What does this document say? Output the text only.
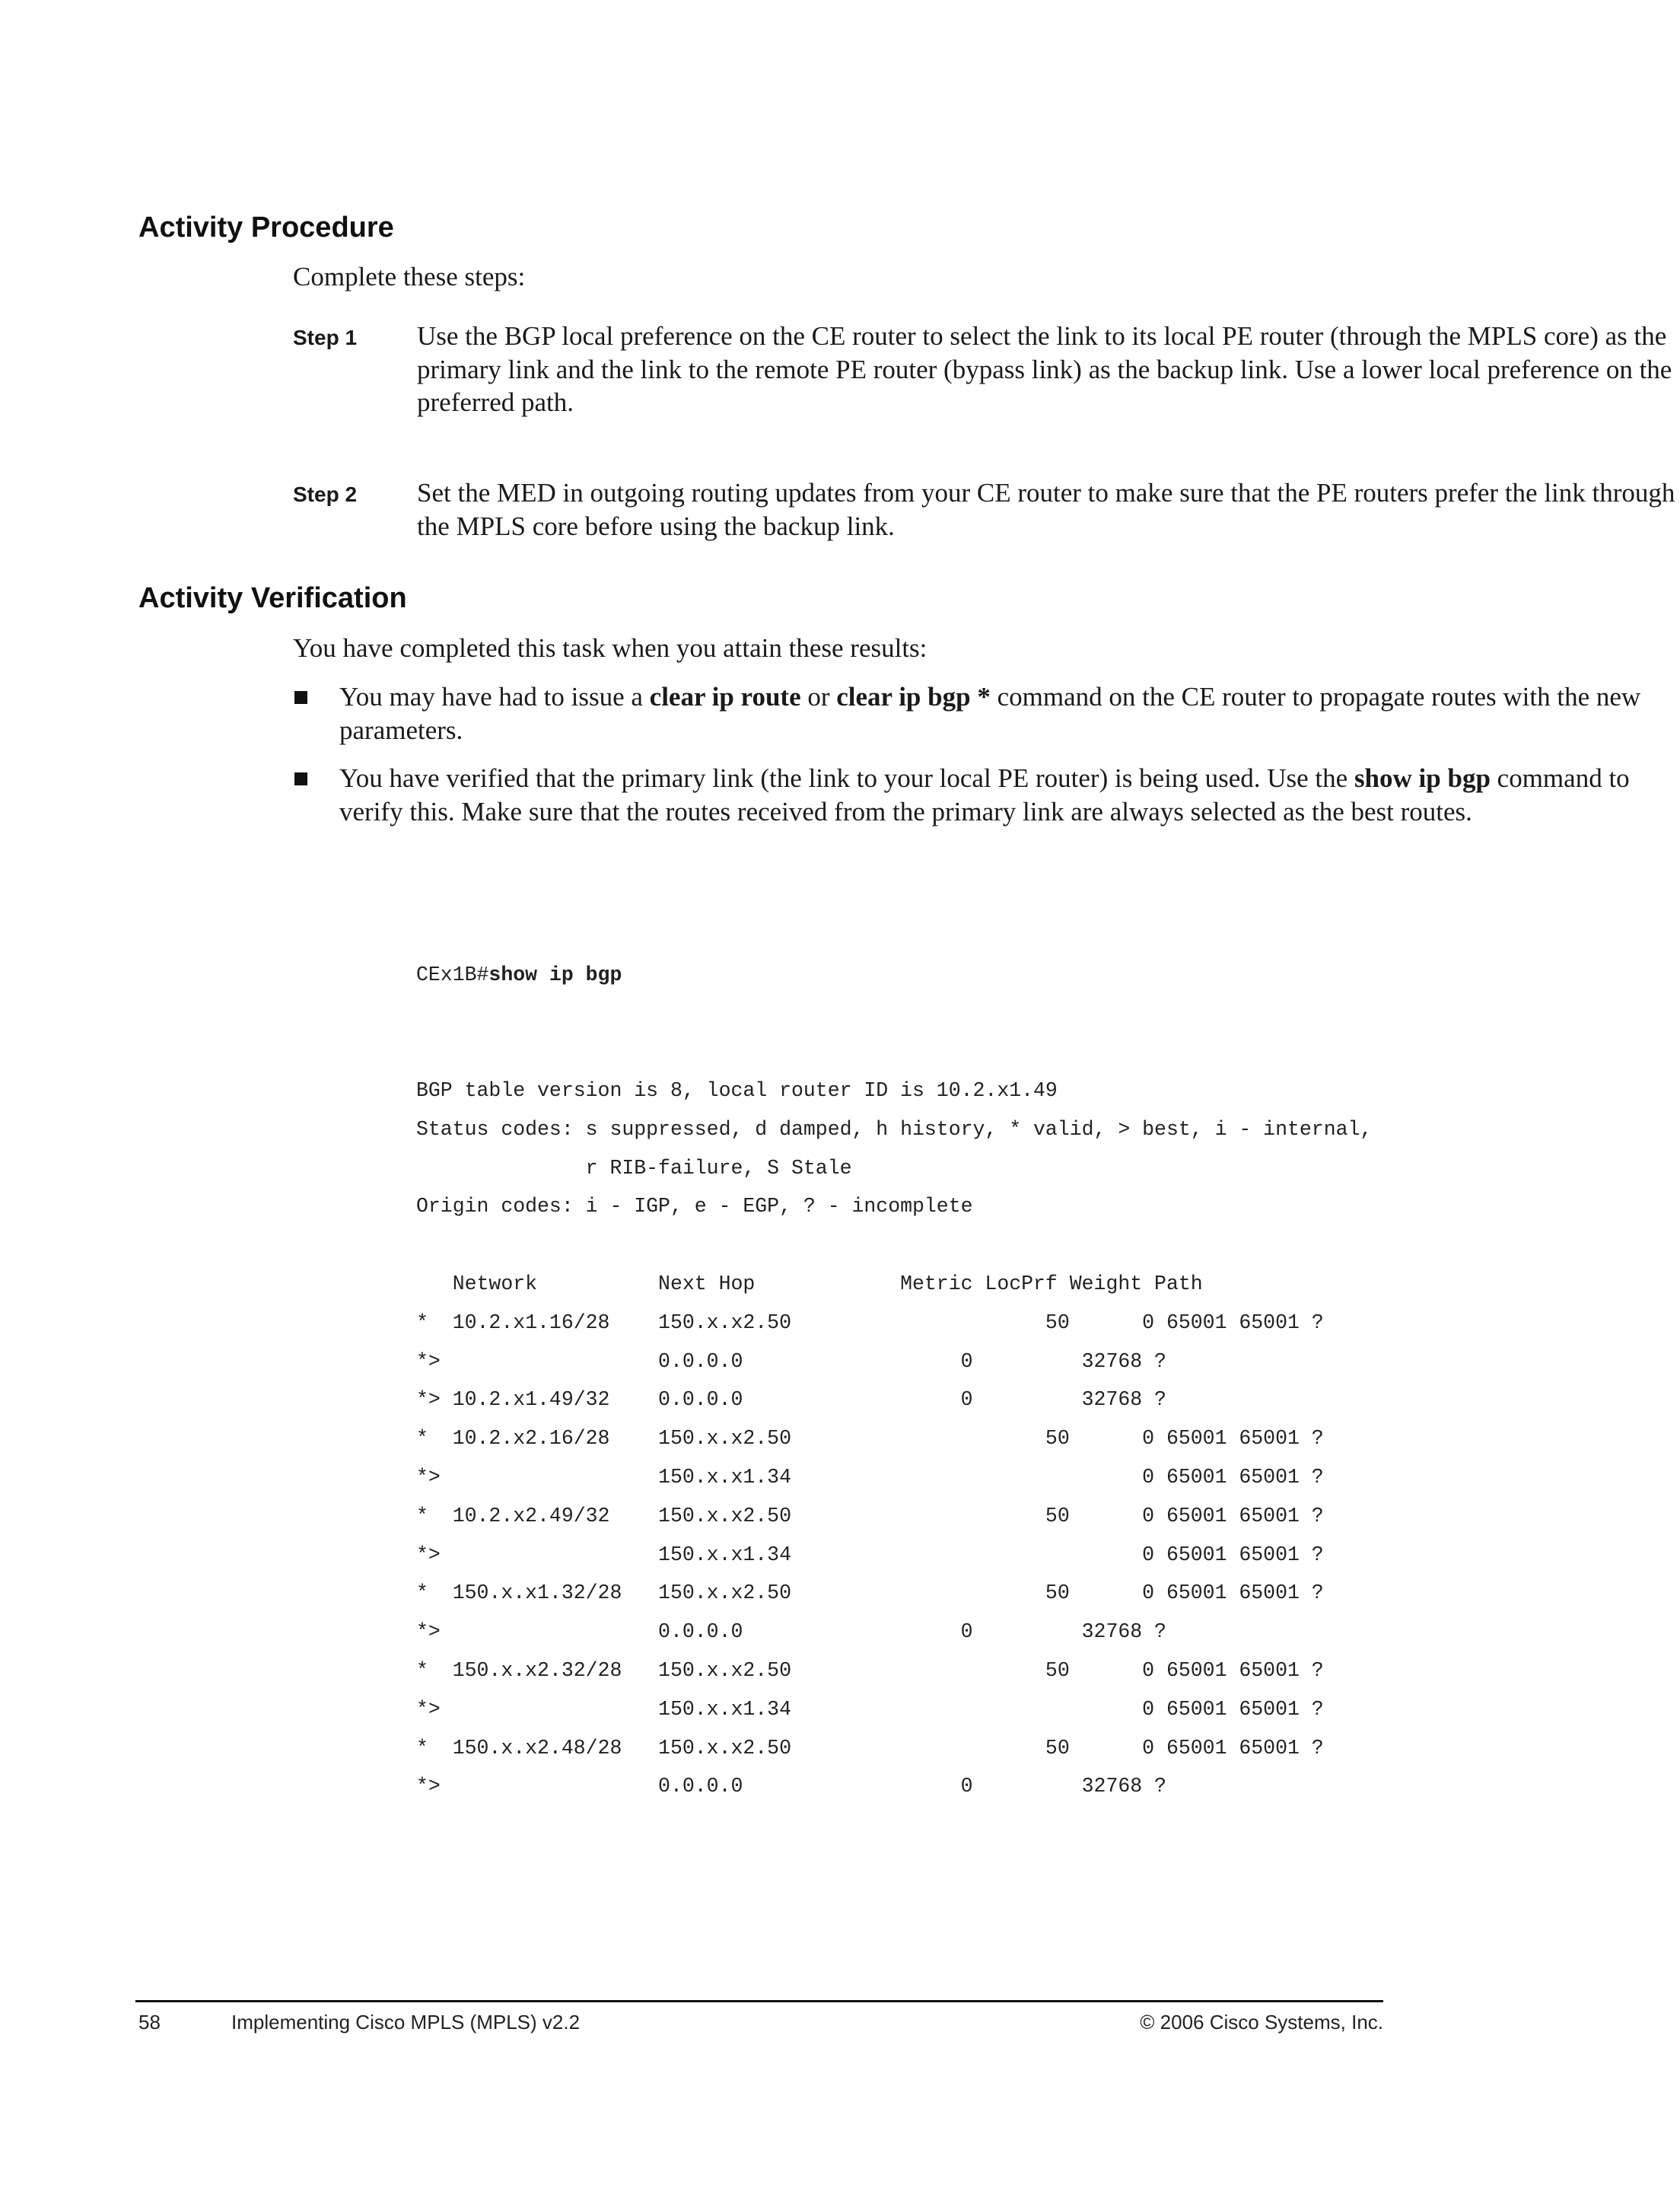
Activity Procedure

Complete these steps:

Step 1 Use the BGP local preference on the CE router to select the link to its local PE router (through the MPLS core) as the primary link and the link to the remote PE router (bypass link) as the backup link. Use a lower local preference on the preferred path.

Step 2 Set the MED in outgoing routing updates from your CE router to make sure that the PE routers prefer the link through the MPLS core before using the backup link.

Activity Verification

You have completed this task when you attain these results:

You may have had to issue a clear ip route or clear ip bgp * command on the CE router to propagate routes with the new parameters.

You have verified that the primary link (the link to your local PE router) is being used. Use the show ip bgp command to verify this. Make sure that the routes received from the primary link are always selected as the best routes.

CEx1B#show ip bgp

BGP table version is 8, local router ID is 10.2.x1.49
Status codes: s suppressed, d damped, h history, * valid, > best, i - internal,
r RIB-failure, S Stale
Origin codes: i - IGP, e - EGP, ? - incomplete
Network          Next Hop            Metric LocPrf Weight Path
*  10.2.x1.16/28    150.x.x2.50                     50      0 65001 65001 ?
*>                  0.0.0.0                  0         32768 ?
*> 10.2.x1.49/32    0.0.0.0                  0         32768 ?
*  10.2.x2.16/28    150.x.x2.50                     50      0 65001 65001 ?
*>                  150.x.x1.34                             0 65001 65001 ?
*  10.2.x2.49/32    150.x.x2.50                     50      0 65001 65001 ?
*>                  150.x.x1.34                             0 65001 65001 ?
*  150.x.x1.32/28   150.x.x2.50                     50      0 65001 65001 ?
*>                  0.0.0.0                  0         32768 ?
*  150.x.x2.32/28   150.x.x2.50                     50      0 65001 65001 ?
*>                  150.x.x1.34                             0 65001 65001 ?
*  150.x.x2.48/28   150.x.x2.50                     50      0 65001 65001 ?
*>                  0.0.0.0                  0         32768 ?

58	Implementing Cisco MPLS (MPLS) v2.2	© 2006 Cisco Systems, Inc.
